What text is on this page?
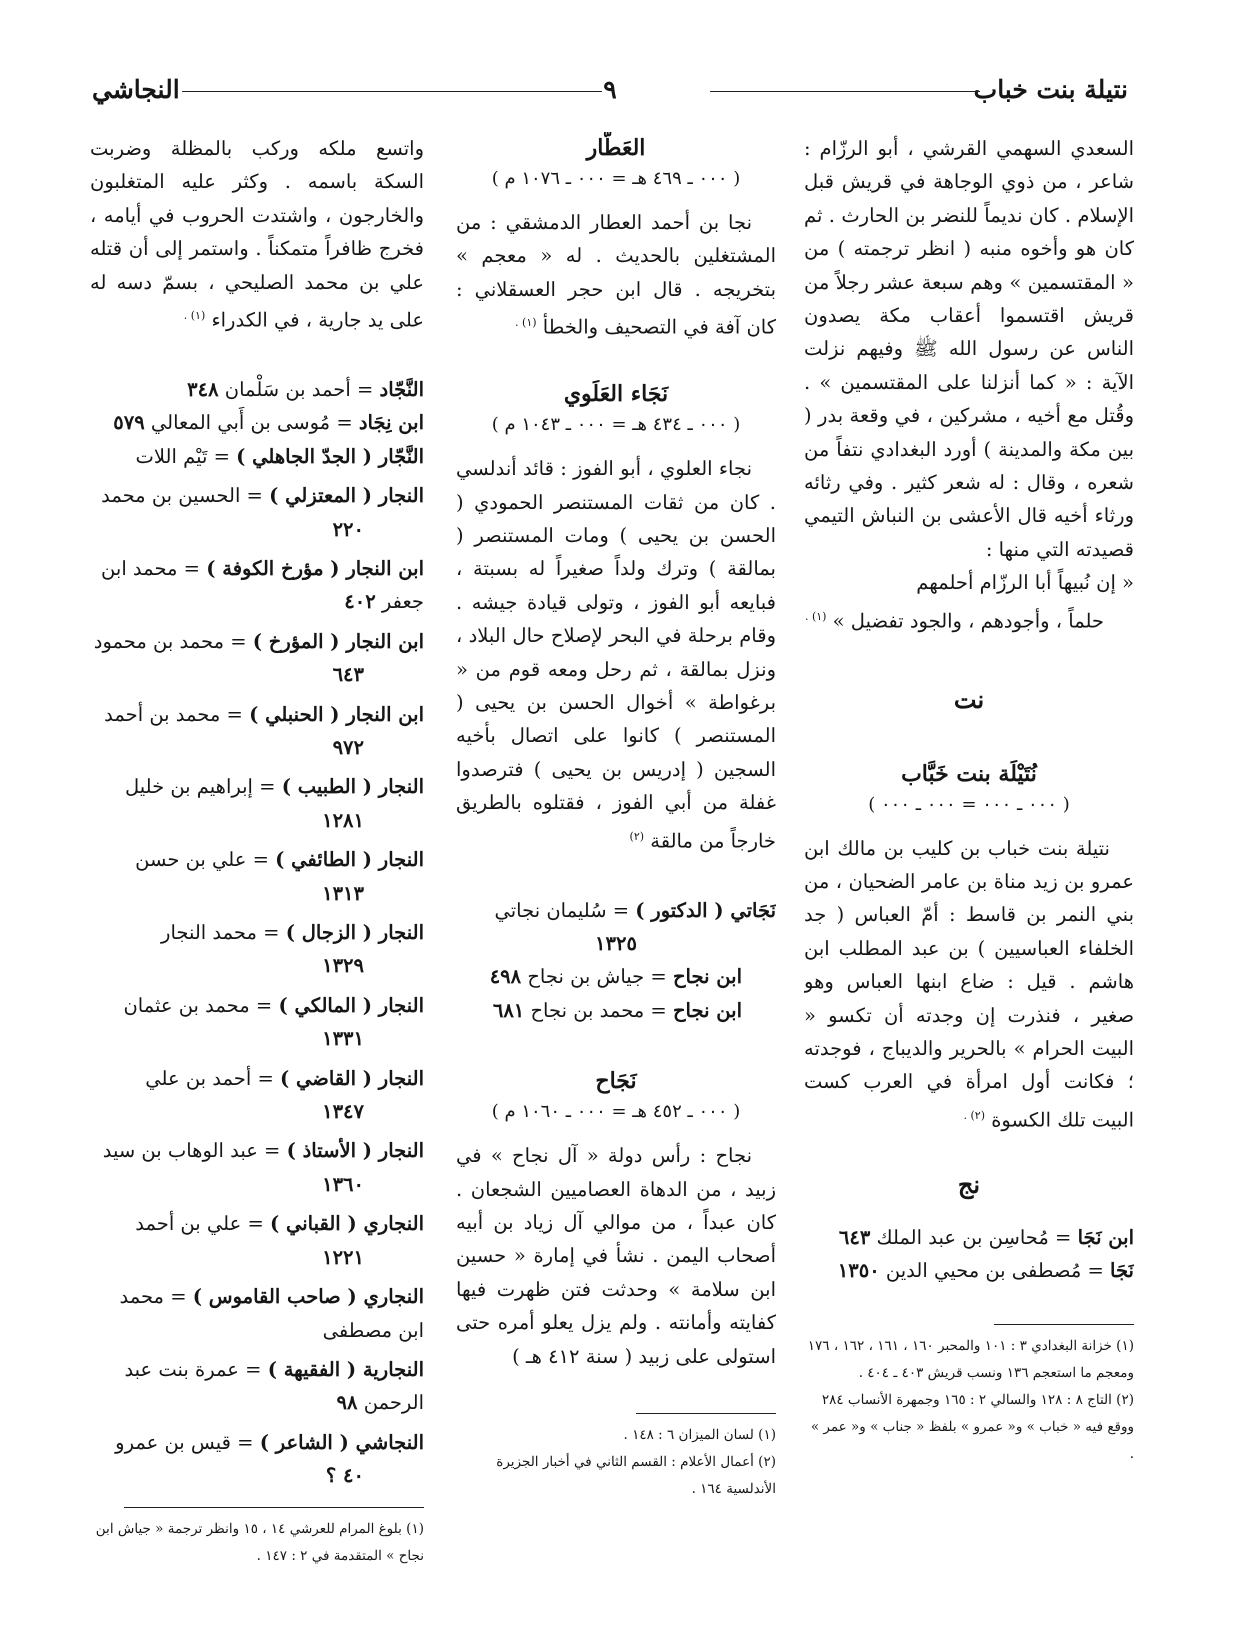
نتيلة بنت خباب
٩
النجاشي

السعدي السهمي القرشي ، أبو الرزّام : شاعر ، من ذوي الوجاهة في قريش قبل الإسلام . كان نديماً للنضر بن الحارث . ثم كان هو وأخوه منبه ( انظر ترجمته ) من « المقتسمين » وهم سبعة عشر رجلاً من قريش اقتسموا أعقاب مكة يصدون الناس عن رسول الله ﷺ وفيهم نزلت الآية : « كما أنزلنا على المقتسمين » . وقُتل مع أخيه ، مشركين ، في وقعة بدر ( بين مكة والمدينة ) أورد البغدادي نتفاً من شعره ، وقال : له شعر كثير . وفي رثائه ورثاء أخيه قال الأعشى بن النباش التيمي قصيدته التي منها :

« إن نُبيهاً أبا الرزّام أحلمهم

حلماً ، وأجودهم ، والجود تفضيل » $^{(١) .}$

نت
نُتَيْلَة بنت خَبَّاب
( ٠٠٠ ـ ٠٠٠ = ٠٠٠ ـ ٠٠٠ )

نتيلة بنت خباب بن كليب بن مالك ابن عمرو بن زيد مناة بن عامر الضحيان ، من بني النمر بن قاسط : أمّ العباس ( جد الخلفاء العباسيين ) بن عبد المطلب ابن هاشم . قيل : ضاع ابنها العباس وهو صغير ، فنذرت إن وجدته أن تكسو « البيت الحرام » بالحرير والديباج ، فوجدته ؛ فكانت أول امرأة في العرب كست البيت تلك الكسوة $^{(٢) .}$

نج

ابن نَجَا = مُحاسِن بن عبد الملك ٦٤٣

نَجَا = مُصطفى بن محيي الدين ١٣٥٠

(١) خزانة البغدادي ٣ : ١٠١ والمحبر ١٦٠ ، ١٦١ ، ١٦٢ ، ١٧٦ ومعجم ما استعجم ١٣٦ ونسب قريش ٤٠٣ ـ ٤٠٤ .

(٢) التاج ٨ : ١٢٨ والسالي ٢ : ١٦٥ وجمهرة الأنساب ٢٨٤ ووقع فيه « خباب » و« عمرو » بلفظ « جناب » و« عمر » .

العَطَّار
( ٠٠٠ ـ ٤٦٩ هـ = ٠٠٠ ـ ١٠٧٦ م )

نجا بن أحمد العطار الدمشقي : من المشتغلين بالحديث . له « معجم » بتخريجه . قال ابن حجر العسقلاني : كان آفة في التصحيف والخطأ $^{(١) .}$

نَجَاء العَلَوي
( ٠٠٠ ـ ٤٣٤ هـ = ٠٠٠ ـ ١٠٤٣ م )

نجاء العلوي ، أبو الفوز : قائد أندلسي . كان من ثقات المستنصر الحمودي ( الحسن بن يحيى ) ومات المستنصر ( بمالقة ) وترك ولداً صغيراً له بسبتة ، فبايعه أبو الفوز ، وتولى قيادة جيشه . وقام برحلة في البحر لإصلاح حال البلاد ، ونزل بمالقة ، ثم رحل ومعه قوم من « برغواطة » أخوال الحسن بن يحيى ( المستنصر ) كانوا على اتصال بأخيه السجين ( إدريس بن يحيى ) فترصدوا غفلة من أبي الفوز ، فقتلوه بالطريق خارجاً من مالقة $^{(٢)}$

نَجَاتي ( الدكتور ) = سُليمان نجاتي
١٣٢٥

ابن نجاح = جياش بن نجاح ٤٩٨

ابن نجاح = محمد بن نجاح ٦٨١

نَجَاح
( ٠٠٠ ـ ٤٥٢ هـ = ٠٠٠ ـ ١٠٦٠ م )

نجاح : رأس دولة « آل نجاح » في زبيد ، من الدهاة العصاميين الشجعان . كان عبداً ، من موالي آل زياد بن أبيه أصحاب اليمن . نشأ في إمارة « حسين ابن سلامة » وحدثت فتن ظهرت فيها كفايته وأمانته . ولم يزل يعلو أمره حتى استولى على زبيد ( سنة ٤١٢ هـ )

(١) لسان الميزان ٦ : ١٤٨ .

(٢) أعمال الأعلام : القسم الثاني في أخبار الجزيرة الأندلسية ١٦٤ .

واتسع ملكه وركب بالمظلة وضربت السكة باسمه . وكثر عليه المتغلبون والخارجون ، واشتدت الحروب في أيامه ، فخرج ظافراً متمكناً . واستمر إلى أن قتله علي بن محمد الصليحي ، بسمّ دسه له على يد جارية ، في الكدراء $^{(١) .}$

النَّجّاد = أحمد بن سَلْمان ٣٤٨

ابن نِجَاد = مُوسى بن أَبي المعالي ٥٧٩

النَّجّار ( الجدّ الجاهلي ) = تَيْم اللات

النجار ( المعتزلي ) = الحسين بن محمد
٢٢٠

ابن النجار ( مؤرخ الكوفة ) = محمد ابن جعفر ٤٠٢

ابن النجار ( المؤرخ ) = محمد بن محمود
٦٤٣

ابن النجار ( الحنبلي ) = محمد بن أحمد
٩٧٢

النجار ( الطبيب ) = إبراهيم بن خليل
١٢٨١

النجار ( الطائفي ) = علي بن حسن
١٣١٣

النجار ( الزجال ) = محمد النجار
١٣٢٩

النجار ( المالكي ) = محمد بن عثمان
١٣٣١

النجار ( القاضي ) = أحمد بن علي
١٣٤٧

النجار ( الأستاذ ) = عبد الوهاب بن سيد
١٣٦٠

النجاري ( القباني ) = علي بن أحمد
١٢٢١

النجاري ( صاحب القاموس ) = محمد ابن مصطفى

النجارية ( الفقيهة ) = عمرة بنت عبد الرحمن ٩٨

النجاشي ( الشاعر ) = قيس بن عمرو
٤٠ ؟

(١) بلوغ المرام للعرشي ١٤ ، ١٥ وانظر ترجمة « جياش ابن نجاح » المتقدمة في ٢ : ١٤٧ .
